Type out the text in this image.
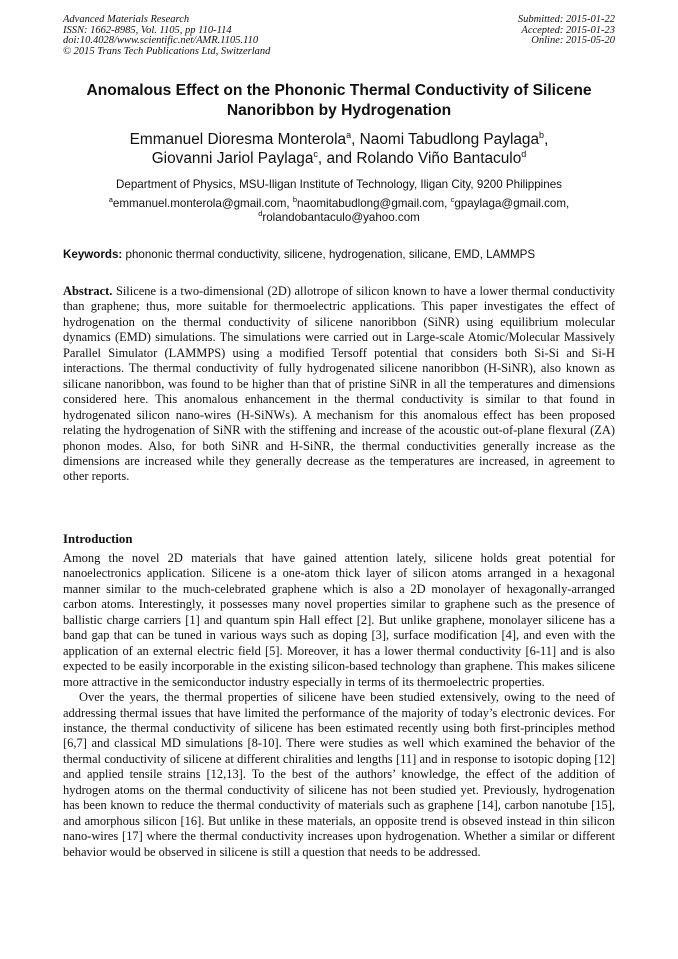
Advanced Materials Research
ISSN: 1662-8985, Vol. 1105, pp 110-114
doi:10.4028/www.scientific.net/AMR.1105.110
© 2015 Trans Tech Publications Ltd, Switzerland
Submitted: 2015-01-22
Accepted: 2015-01-23
Online: 2015-05-20
Anomalous Effect on the Phononic Thermal Conductivity of Silicene
Nanoribbon by Hydrogenation
Emmanuel Dioresma Monterola$^a$, Naomi Tabudlong Paylaga$^b$,
Giovanni Jariol Paylaga$^c$, and Rolando Viño Bantaculo$^d$
Department of Physics, MSU-Iligan Institute of Technology, Iligan City, 9200 Philippines
$^a$emmanuel.monterola@gmail.com, $^b$naomitabudlong@gmail.com, $^c$gpaylaga@gmail.com,
$^d$rolandobantaculo@yahoo.com
Keywords: phononic thermal conductivity, silicene, hydrogenation, silicane, EMD, LAMMPS

Abstract. Silicene is a two-dimensional (2D) allotrope of silicon known to have a lower thermal conductivity than graphene; thus, more suitable for thermoelectric applications. This paper investigates the effect of hydrogenation on the thermal conductivity of silicene nanoribbon (SiNR) using equilibrium molecular dynamics (EMD) simulations. The simulations were carried out in Large-scale Atomic/Molecular Massively Parallel Simulator (LAMMPS) using a modified Tersoff potential that considers both Si-Si and Si-H interactions. The thermal conductivity of fully hydrogenated silicene nanoribbon (H-SiNR), also known as silicane nanoribbon, was found to be higher than that of pristine SiNR in all the temperatures and dimensions considered here. This anomalous enhancement in the thermal conductivity is similar to that found in hydrogenated silicon nano-wires (H-SiNWs). A mechanism for this anomalous effect has been proposed relating the hydrogenation of SiNR with the stiffening and increase of the acoustic out-of-plane flexural (ZA) phonon modes. Also, for both SiNR and H-SiNR, the thermal conductivities generally increase as the dimensions are increased while they generally decrease as the temperatures are increased, in agreement to other reports.

Introduction

Among the novel 2D materials that have gained attention lately, silicene holds great potential for nanoelectronics application. Silicene is a one-atom thick layer of silicon atoms arranged in a hexagonal manner similar to the much-celebrated graphene which is also a 2D monolayer of hexagonally-arranged carbon atoms. Interestingly, it possesses many novel properties similar to graphene such as the presence of ballistic charge carriers [1] and quantum spin Hall effect [2]. But unlike graphene, monolayer silicene has a band gap that can be tuned in various ways such as doping [3], surface modification [4], and even with the application of an external electric field [5]. Moreover, it has a lower thermal conductivity [6-11] and is also expected to be easily incorporable in the existing silicon-based technology than graphene. This makes silicene more attractive in the semiconductor industry especially in terms of its thermoelectric properties.

Over the years, the thermal properties of silicene have been studied extensively, owing to the need of addressing thermal issues that have limited the performance of the majority of today’s electronic devices. For instance, the thermal conductivity of silicene has been estimated recently using both first-principles method [6,7] and classical MD simulations [8-10]. There were studies as well which examined the behavior of the thermal conductivity of silicene at different chiralities and lengths [11] and in response to isotopic doping [12] and applied tensile strains [12,13]. To the best of the authors’ knowledge, the effect of the addition of hydrogen atoms on the thermal conductivity of silicene has not been studied yet. Previously, hydrogenation has been known to reduce the thermal conductivity of materials such as graphene [14], carbon nanotube [15], and amorphous silicon [16]. But unlike in these materials, an opposite trend is obseved instead in thin silicon nano-wires [17] where the thermal conductivity increases upon hydrogenation. Whether a similar or different behavior would be observed in silicene is still a question that needs to be addressed.
